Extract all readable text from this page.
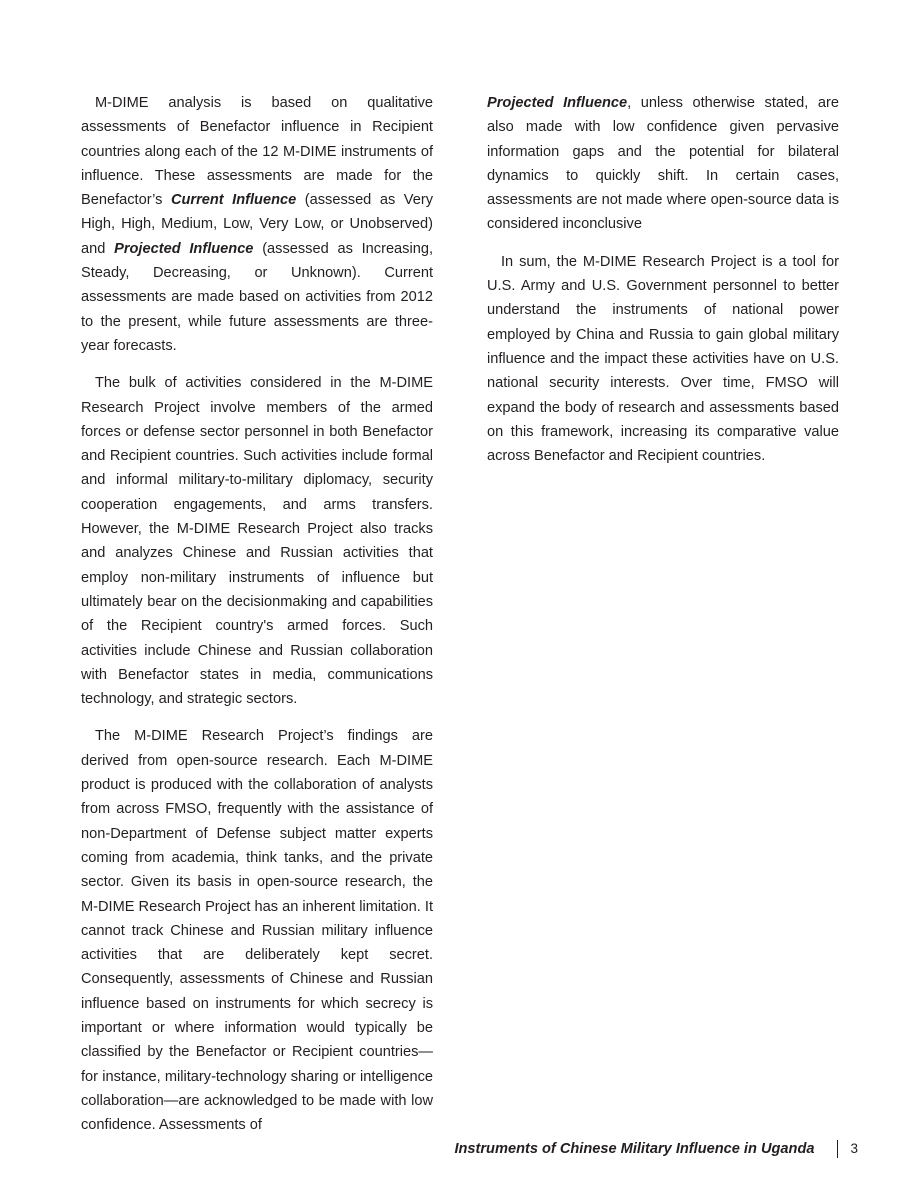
M-DIME analysis is based on qualitative assessments of Benefactor influence in Recipient countries along each of the 12 M-DIME instruments of influence. These assessments are made for the Benefactor’s Current Influence (assessed as Very High, High, Medium, Low, Very Low, or Unobserved) and Projected Influence (assessed as Increasing, Steady, Decreasing, or Unknown). Current assessments are made based on activities from 2012 to the present, while future assessments are three-year forecasts.

The bulk of activities considered in the M-DIME Research Project involve members of the armed forces or defense sector personnel in both Benefactor and Recipient countries. Such activities include formal and informal military-to-military diplomacy, security cooperation engagements, and arms transfers. However, the M-DIME Research Project also tracks and analyzes Chinese and Russian activities that employ non-military instruments of influence but ultimately bear on the decisionmaking and capabilities of the Recipient country's armed forces. Such activities include Chinese and Russian collaboration with Benefactor states in media, communications technology, and strategic sectors.

The M-DIME Research Project’s findings are derived from open-source research. Each M-DIME product is produced with the collaboration of analysts from across FMSO, frequently with the assistance of non-Department of Defense subject matter experts coming from academia, think tanks, and the private sector. Given its basis in open-source research, the M-DIME Research Project has an inherent limitation. It cannot track Chinese and Russian military influence activities that are deliberately kept secret. Consequently, assessments of Chinese and Russian influence based on instruments for which secrecy is important or where information would typically be classified by the Benefactor or Recipient countries—for instance, military-technology sharing or intelligence collaboration—are acknowledged to be made with low confidence. Assessments of

Projected Influence, unless otherwise stated, are also made with low confidence given pervasive information gaps and the potential for bilateral dynamics to quickly shift. In certain cases, assessments are not made where open-source data is considered inconclusive

In sum, the M-DIME Research Project is a tool for U.S. Army and U.S. Government personnel to better understand the instruments of national power employed by China and Russia to gain global military influence and the impact these activities have on U.S. national security interests. Over time, FMSO will expand the body of research and assessments based on this framework, increasing its comparative value across Benefactor and Recipient countries.

Instruments of Chinese Military Influence in Uganda	3
